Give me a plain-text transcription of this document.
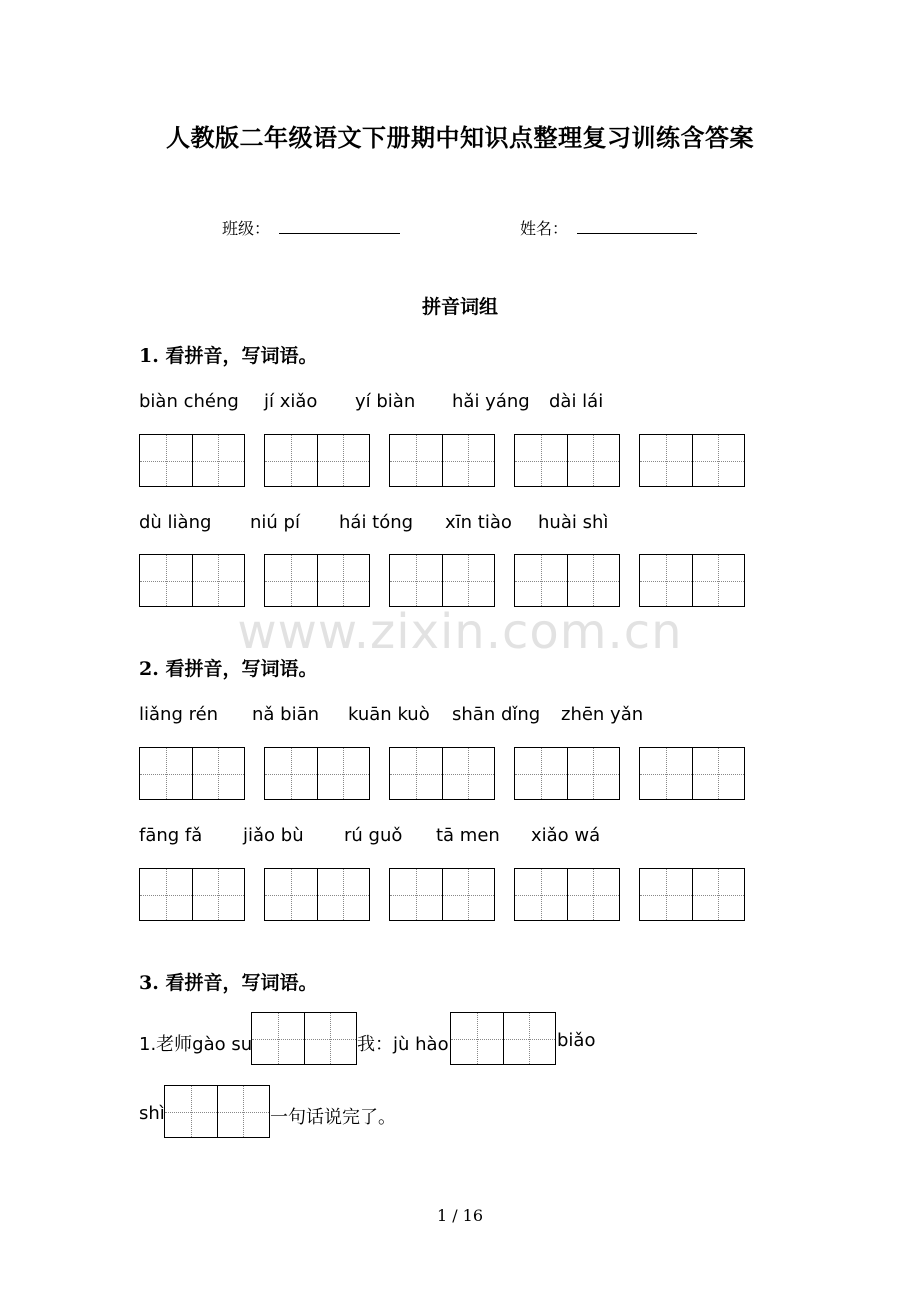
人教版二年级语文下册期中知识点整理复习训练含答案
班级：	姓名：
拼音词组
1. 看拼音，写词语。
biàn chéng jí xiǎo yí biàn hǎi yáng dài lái
dù liàng niú pí hái tóng xīn tiào huài shì
www.zixin.com.cn
2. 看拼音，写词语。
liǎng rén nǎ biān kuān kuò shān dǐng zhēn yǎn
fāng fǎ jiǎo bù rú guǒ tā men xiǎo wá
3. 看拼音，写词语。
1.老师gào su	我：jù hào	biǎo
shì	一句话说完了。
1 / 16
